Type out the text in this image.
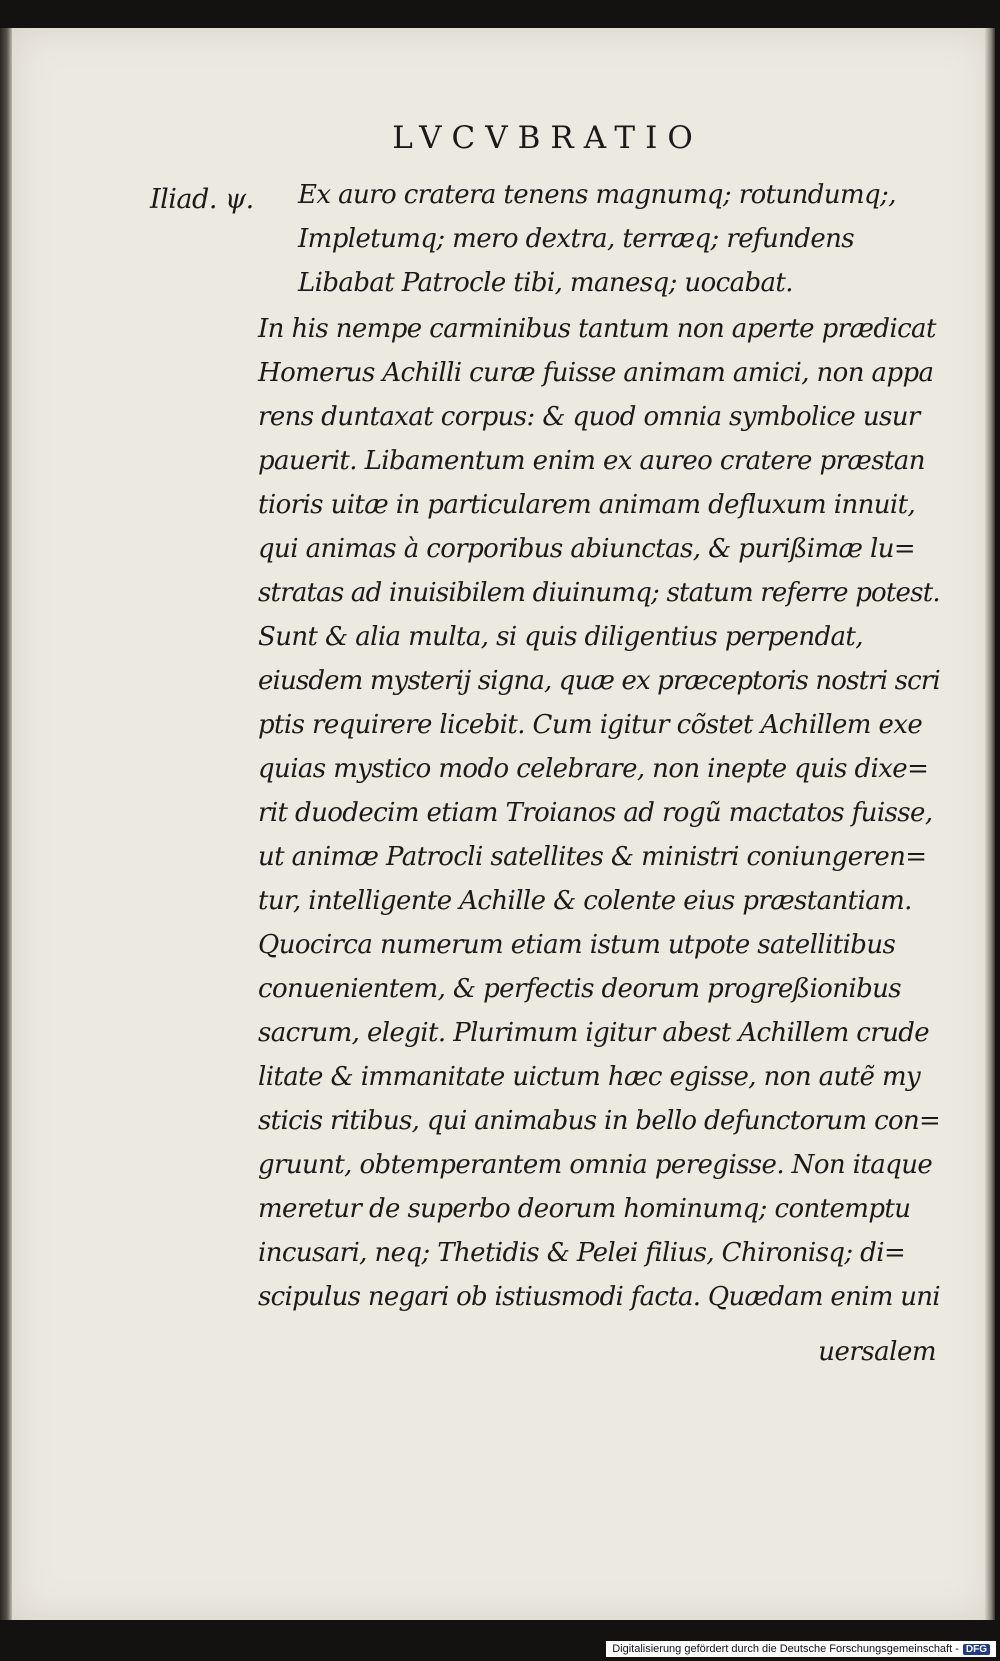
LVCVBRATIO

Iliad. ψ. Ex auro cratera tenens magnumq; rotundumq;,

Impletumq; mero dextra, terræq; refundens

Libabat Patrocle tibi, manesq; uocabat.

In his nempe carminibus tantum non aperte prædicat

Homerus Achilli curæ fuisse animam amici, non appa

rens duntaxat corpus: & quod omnia symbolice usur

pauerit. Libamentum enim ex aureo cratere præstan

tioris uitæ in particularem animam defluxum innuit,

qui animas à corporibus abiunctas, & purißimæ lu=

stratas ad inuisibilem diuinumq; statum referre potest.

Sunt & alia multa, si quis diligentius perpendat,

eiusdem mysterij signa, quæ ex præceptoris nostri scri

ptis requirere licebit. Cum igitur cõstet Achillem exe

quias mystico modo celebrare, non inepte quis dixe=

rit duodecim etiam Troianos ad rogũ mactatos fuisse,

ut animæ Patrocli satellites & ministri coniungeren=

tur, intelligente Achille & colente eius præstantiam.

Quocirca numerum etiam istum utpote satellitibus

conuenientem, & perfectis deorum progreßionibus

sacrum, elegit. Plurimum igitur abest Achillem crude

litate & immanitate uictum hæc egisse, non autẽ my

sticis ritibus, qui animabus in bello defunctorum con=

gruunt, obtemperantem omnia peregisse. Non itaque

meretur de superbo deorum hominumq; contemptu

incusari, neq; Thetidis & Pelei filius, Chironisq; di=

scipulus negari ob istiusmodi facta. Quædam enim uni

uersalem

Digitalisierung gefördert durch die Deutsche Forschungsgemeinschaft - DFG
